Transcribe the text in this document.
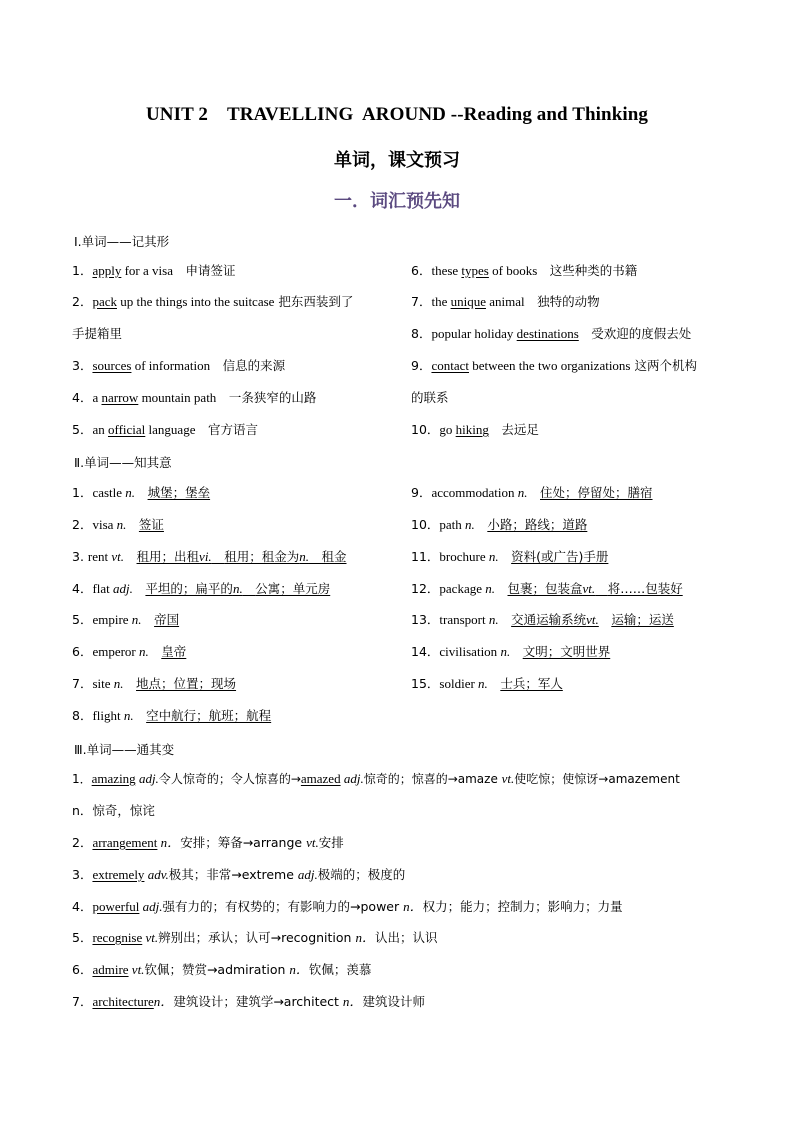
UNIT 2    TRAVELLING  AROUND --Reading and Thinking
单词，课文预习
一．词汇预先知
Ⅰ.单词——记其形
1．apply for a visa　申请签证
2．pack up the things into the suitcase 把东西装到了
手提箱里
3．sources of information　信息的来源
4．a narrow mountain path　一条狭窄的山路
5．an official language　官方语言
6．these types of books　这些种类的书籍
7．the unique animal　独特的动物
8．popular holiday destinations　受欢迎的度假去处
9．contact between the two organizations 这两个机构
的联系
10．go hiking　去远足
Ⅱ.单词——知其意
1．castle n.　 城堡；堡垒
2．visa n.　 签证
3. rent vt.　 租用；出租vi.　 租用；租金为n.　 租金
4．flat adj.　 平坦的；扁平的n.　 公寓；单元房
5．empire n.　 帝国
6．emperor n.　 皇帝
7．site n.　 地点；位置；现场
8．flight n.　 空中航行；航班；航程
9．accommodation n.　 住处；停留处；膳宿
10．path n.　 小路；路线；道路
11．brochure n.　 资料(或广告)手册
12．package n.　 包裹；包装盒vt.　 将……包装好
13．transport n.　 交通运输系统vt.　 运输；运送
14．civilisation n.　 文明；文明世界
15．soldier n.　 士兵；军人
Ⅲ.单词——通其变
1．amazing adj.令人惊奇的；令人惊喜的→amazed adj.惊奇的；惊喜的→amaze vt.使吃惊；使惊讶→amazement
n．惊奇，惊诧
2．arrangement n．安排；筹备→arrange vt.安排
3．extremely adv.极其；非常→extreme adj.极端的；极度的
4．powerful adj.强有力的；有权势的；有影响力的→power n．权力；能力；控制力；影响力；力量
5．recognise vt.辨别出；承认；认可→recognition n．认出；认识
6．admire vt.钦佩；赞赏→admiration n．钦佩；羡慕
7．architecturen．建筑设计；建筑学→architect n．建筑设计师
